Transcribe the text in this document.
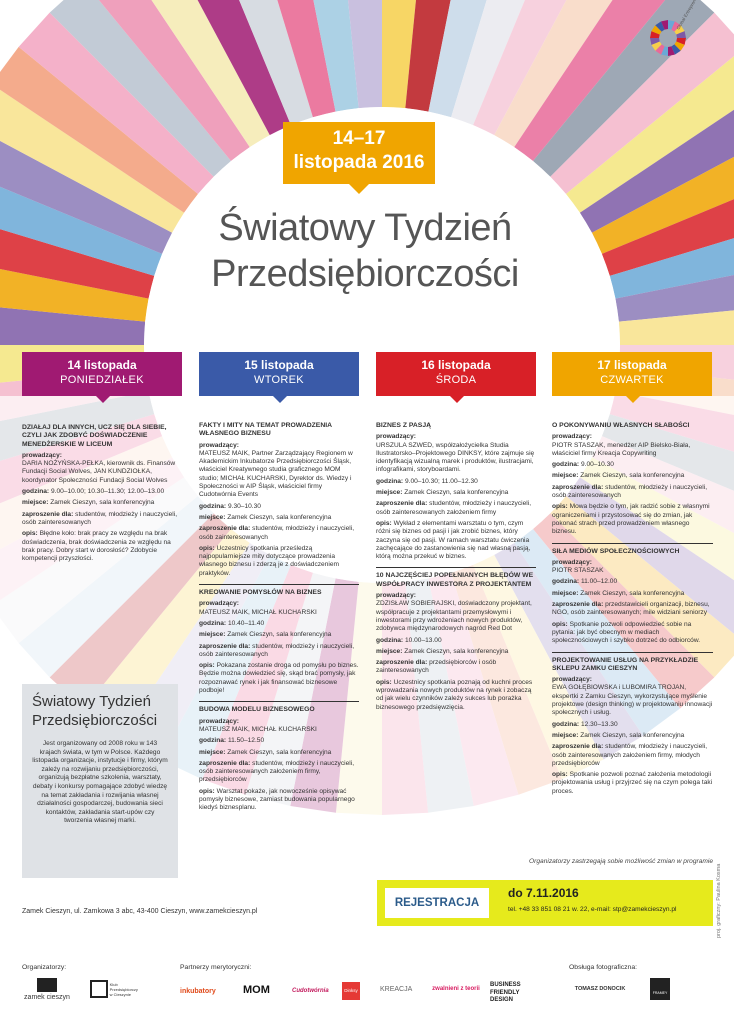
14–17
listopada 2016
Światowy Tydzień
Przedsiębiorczości
14 listopada
PONIEDZIAŁEK
15 listopada
WTOREK
16 listopada
ŚRODA
17 listopada
CZWARTEK
DZIAŁAJ DLA INNYCH, UCZ SIĘ DLA SIEBIE, CZYLI JAK ZDOBYĆ DOŚWIADCZENIE MENEDŻERSKIE W LICEUM
prowadzący:
DARIA NOŻYŃSKA-PEŁKA, kierownik ds. Finansów Fundacji Social Wolves, JAN KUNDZIOŁKA, koordynator Społeczności Fundacji Social Wolves
godzina: 9.00–10.00; 10.30–11.30; 12.00–13.00
miejsce: Zamek Cieszyn, sala konferencyjna
zaproszenie dla: studentów, młodzieży i nauczycieli, osób zainteresowanych
opis: Błędne koło: brak pracy ze względu na brak doświadczenia, brak doświadczenia ze względu na brak pracy. Dobry start w dorosłość? Zdobycie kompetencji przyszłości.
FAKTY I MITY NA TEMAT PROWADZENIA WŁASNEGO BIZNESU
prowadzący:
MATEUSZ MAIK, Partner Zarządzający Regionem w Akademickim Inkubatorze Przedsiębiorczości Śląsk, właściciel Kreatywnego studia graficznego MOM studio; MICHAŁ KUCHARSKI, Dyrektor ds. Wiedzy i Społeczności w AIP Śląsk, właściciel firmy Cudotwórnia Events
godzina: 9.30–10.30
miejsce: Zamek Cieszyn, sala konferencyjna
zaproszenie dla: studentów, młodzieży i nauczycieli, osób zainteresowanych
opis: Uczestnicy spotkania prześledzą najpopularniejsze mity dotyczące prowadzenia własnego biznesu i zderzą je z doświadczeniem praktyków.
KREOWANIE POMYSŁÓW NA BIZNES
prowadzący:
MATEUSZ MAIK, MICHAŁ KUCHARSKI
godzina: 10.40–11.40
miejsce: Zamek Cieszyn, sala konferencyjna
zaproszenie dla: studentów, młodzieży i nauczycieli, osób zainteresowanych
opis: Pokazana zostanie droga od pomysłu po biznes. Będzie można dowiedzieć się, skąd brać pomysły, jak rozpoznawać rynek i jak finansować biznesowe podboje!
BUDOWA MODELU BIZNESOWEGO
prowadzący:
MATEUSZ MAIK, MICHAŁ KUCHARSKI
godzina: 11.50–12.50
miejsce: Zamek Cieszyn, sala konferencyjna
zaproszenie dla: studentów, młodzieży i nauczycieli, osób zainteresowanych założeniem firmy, przedsiębiorców
opis: Warsztat pokaże, jak nowocześnie opisywać pomysły biznesowe, zamiast budowania popularnego kiedyś biznesplanu.
BIZNES Z PASJĄ
prowadzący:
URSZULA SZWED, współzałożycielka Studia Ilustratorsko–Projektowego DINKSY, które zajmuje się identyfikacją wizualną marek i produktów, ilustracjami, infografikami, storyboardami.
godzina: 9.00–10.30; 11.00–12.30
miejsce: Zamek Cieszyn, sala konferencyjna
zaproszenie dla: studentów, młodzieży i nauczycieli, osób zainteresowanych założeniem firmy
opis: Wykład z elementami warsztatu o tym, czym różni się biznes od pasji i jak zrobić biznes, który zaczyna się od pasji. W ramach warsztatu ćwiczenia zachęcające do zastanowienia się nad własną pasją, którą można przekuć w biznes.
10 NAJCZĘŚCIEJ POPEŁNIANYCH BŁĘDÓW WE WSPÓŁPRACY INWESTORA Z PROJEKTANTEM
prowadzący:
ZDZISŁAW SOBIERAJSKI, doświadczony projektant, współpracuje z projektantami przemysłowymi i inwestorami przy wdrożeniach nowych produktów, zdobywca międzynarodowych nagród Red Dot
godzina: 10.00–13.00
miejsce: Zamek Cieszyn, sala konferencyjna
zaproszenie dla: przedsiębiorców i osób zainteresowanych
opis: Uczestnicy spotkania poznają od kuchni proces wprowadzania nowych produktów na rynek i zobaczą od jak wielu czynników zależy sukces lub porażka biznesowego przedsięwzięcia.
O POKONYWANIU WŁASNYCH SŁABOŚCI
prowadzący:
PIOTR STASZAK, menedżer AIP Bielsko-Biała, właściciel firmy Kreacja Copywriting
godzina: 9.00–10.30
miejsce: Zamek Cieszyn, sala konferencyjna
zaproszenie dla: studentów, młodzieży i nauczycieli, osób zainteresowanych
opis: Mowa będzie o tym, jak radzić sobie z własnymi ograniczeniami i przystosować się do zmian, jak pokonać strach przed prowadzeniem własnego biznesu.
SIŁA MEDIÓW SPOŁECZNOŚCIOWYCH
prowadzący:
PIOTR STASZAK
godzina: 11.00–12.00
miejsce: Zamek Cieszyn, sala konferencyjna
zaproszenie dla: przedstawicieli organizacji, biznesu, NGO, osób zainteresowanych; mile widziani seniorzy
opis: Spotkanie pozwoli odpowiedzieć sobie na pytania: jak być obecnym w mediach społecznościowych i szybko dotrzeć do odbiorców.
PROJEKTOWANIE USŁUG NA PRZYKŁADZIE SKLEPU ZAMKU CIESZYN
prowadzący:
EWA GOŁĘBIOWSKA i LUBOMIRA TROJAN, ekspertki z Zamku Cieszyn, wykorzystujące myślenie projektowe (design thinking) w projektowaniu innowacji społecznych i usług.
godzina: 12.30–13.30
miejsce: Zamek Cieszyn, sala konferencyjna
zaproszenie dla: studentów, młodzieży i nauczycieli, osób zainteresowanych założeniem firmy, młodych przedsiębiorców
opis: Spotkanie pozwoli poznać założenia metodologii projektowania usług i przyjrzeć się na czym polega taki proces.
Światowy Tydzień Przedsiębiorczości
Jest organizowany od 2008 roku w 143 krajach świata, w tym w Polsce. Każdego listopada organizacje, instytucje i firmy, którym zależy na rozwijaniu przedsiębiorczości, organizują bezpłatne szkolenia, warsztaty, debaty i konkursy pomagające zdobyć wiedzę na temat zakładania i rozwijania własnej działalności gospodarczej, budowania sieci kontaktów, zakładania start-upów czy tworzenia własnej marki.
Organizatorzy zastrzegają sobie możliwość zmian w programie
REJESTRACJA
do 7.11.2016
tel. +48 33 851 08 21 w. 22, e-mail: stp@zamekcieszyn.pl
Zamek Cieszyn, ul. Zamkowa 3 abc, 43-400 Cieszyn, www.zamekcieszyn.pl	proj. graficzny: Paulina Kosma
Organizatorzy:	Partnerzy merytoryczni:	Obsługa fotograficzna:
zamek cieszyn
Klub Przedsiębiorczy w Cieszynie	inkubatory MOM	Cudotwórnia	Dinksy	KREACJA	zwalnieni z teorii
BUSINESS FRIENDLY DESIGN
TOMASZ DONOCIK
FRAMEY
